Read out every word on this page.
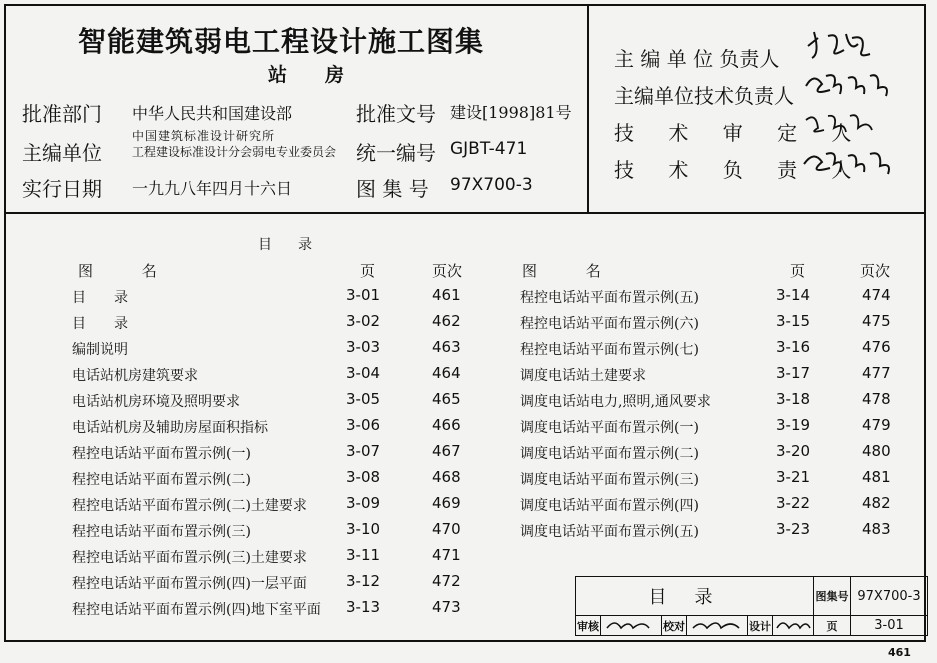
智能建筑弱电工程设计施工图集
站房
批准部门 中华人民共和国建设部	批准文号 建设[1998]81号
主编单位
中国建筑标准设计研究所
工程建设标准设计分会弱电专业委员会 统一编号 GJBT-471
实行日期 一九九八年四月十六日	图 集 号 97X700-3
主 编 单 位 负责人
主编单位技术负责人
技 术 审 定 人
技 术 负 责 人
目录
图 名	页	页次	图 名	页	页次
目　　录	3-01	461
目　　录	3-02	462
编制说明	3-03	463
电话站机房建筑要求	3-04	464
电话站机房环境及照明要求	3-05	465
电话站机房及辅助房屋面积指标	3-06	466
程控电话站平面布置示例(一)	3-07	467
程控电话站平面布置示例(二)	3-08	468
程控电话站平面布置示例(二)土建要求	3-09	469
程控电话站平面布置示例(三)	3-10	470
程控电话站平面布置示例(三)土建要求	3-11	471
程控电话站平面布置示例(四)一层平面	3-12	472
程控电话站平面布置示例(四)地下室平面 3-13	473
程控电话站平面布置示例(五)	3-14	474
程控电话站平面布置示例(六)	3-15	475
程控电话站平面布置示例(七)	3-16	476
调度电话站土建要求	3-17	477
调度电话站电力,照明,通风要求	3-18	478
调度电话站平面布置示例(一)	3-19	479
调度电话站平面布置示例(二)	3-20	480
调度电话站平面布置示例(三)	3-21	481
调度电话站平面布置示例(四)	3-22	482
调度电话站平面布置示例(五)	3-23	483
目录						图集号	97X700-3
审核		校对		设计		页	3-01
461
